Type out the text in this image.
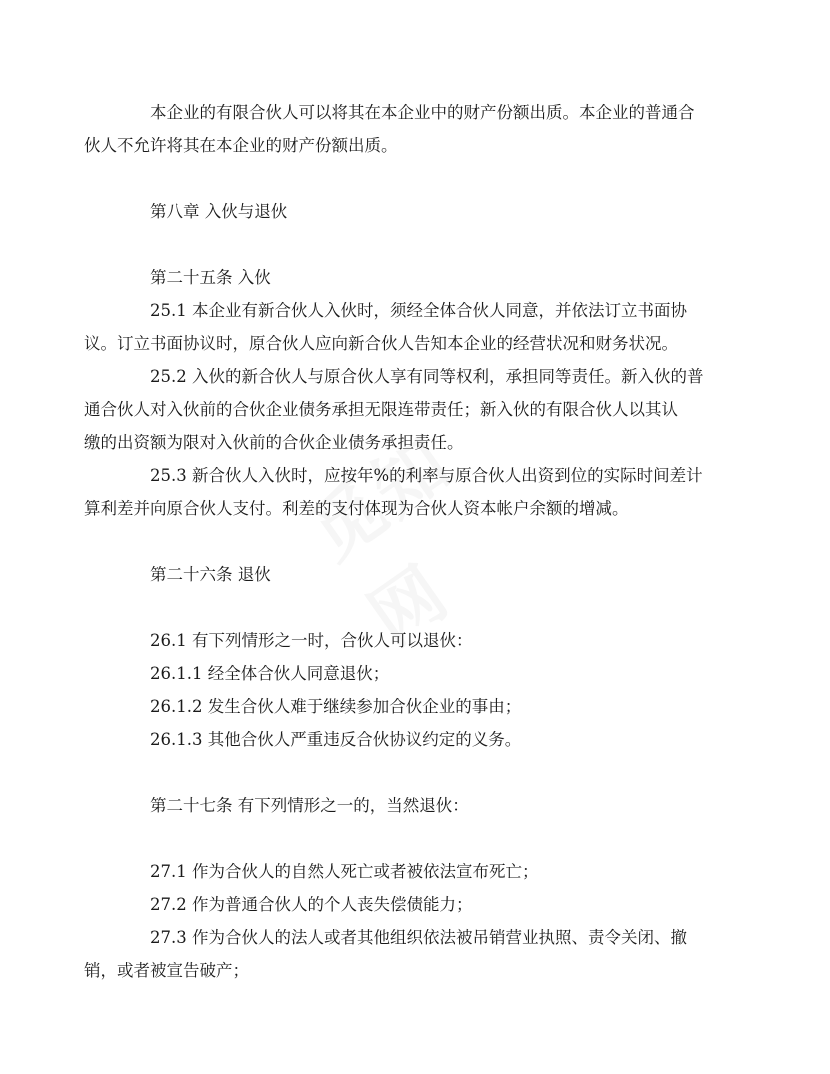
本企业的有限合伙人可以将其在本企业中的财产份额出质。本企业的普通合
伙人不允许将其在本企业的财产份额出质。

第八章 入伙与退伙

第二十五条 入伙

25.1 本企业有新合伙人入伙时，须经全体合伙人同意，并依法订立书面协
议。订立书面协议时，原合伙人应向新合伙人告知本企业的经营状况和财务状况。

25.2 入伙的新合伙人与原合伙人享有同等权利，承担同等责任。新入伙的普
通合伙人对入伙前的合伙企业债务承担无限连带责任；新入伙的有限合伙人以其认
缴的出资额为限对入伙前的合伙企业债务承担责任。

25.3 新合伙人入伙时，应按年%的利率与原合伙人出资到位的实际时间差计
算利差并向原合伙人支付。利差的支付体现为合伙人资本帐户余额的增减。

第二十六条 退伙

26.1 有下列情形之一时，合伙人可以退伙：

26.1.1 经全体合伙人同意退伙；

26.1.2 发生合伙人难于继续参加合伙企业的事由；

26.1.3 其他合伙人严重违反合伙协议约定的义务。

第二十七条 有下列情形之一的，当然退伙：

27.1 作为合伙人的自然人死亡或者被依法宣布死亡；

27.2 作为普通合伙人的个人丧失偿债能力；

27.3 作为合伙人的法人或者其他组织依法被吊销营业执照、责令关闭、撤
销，或者被宣告破产；
